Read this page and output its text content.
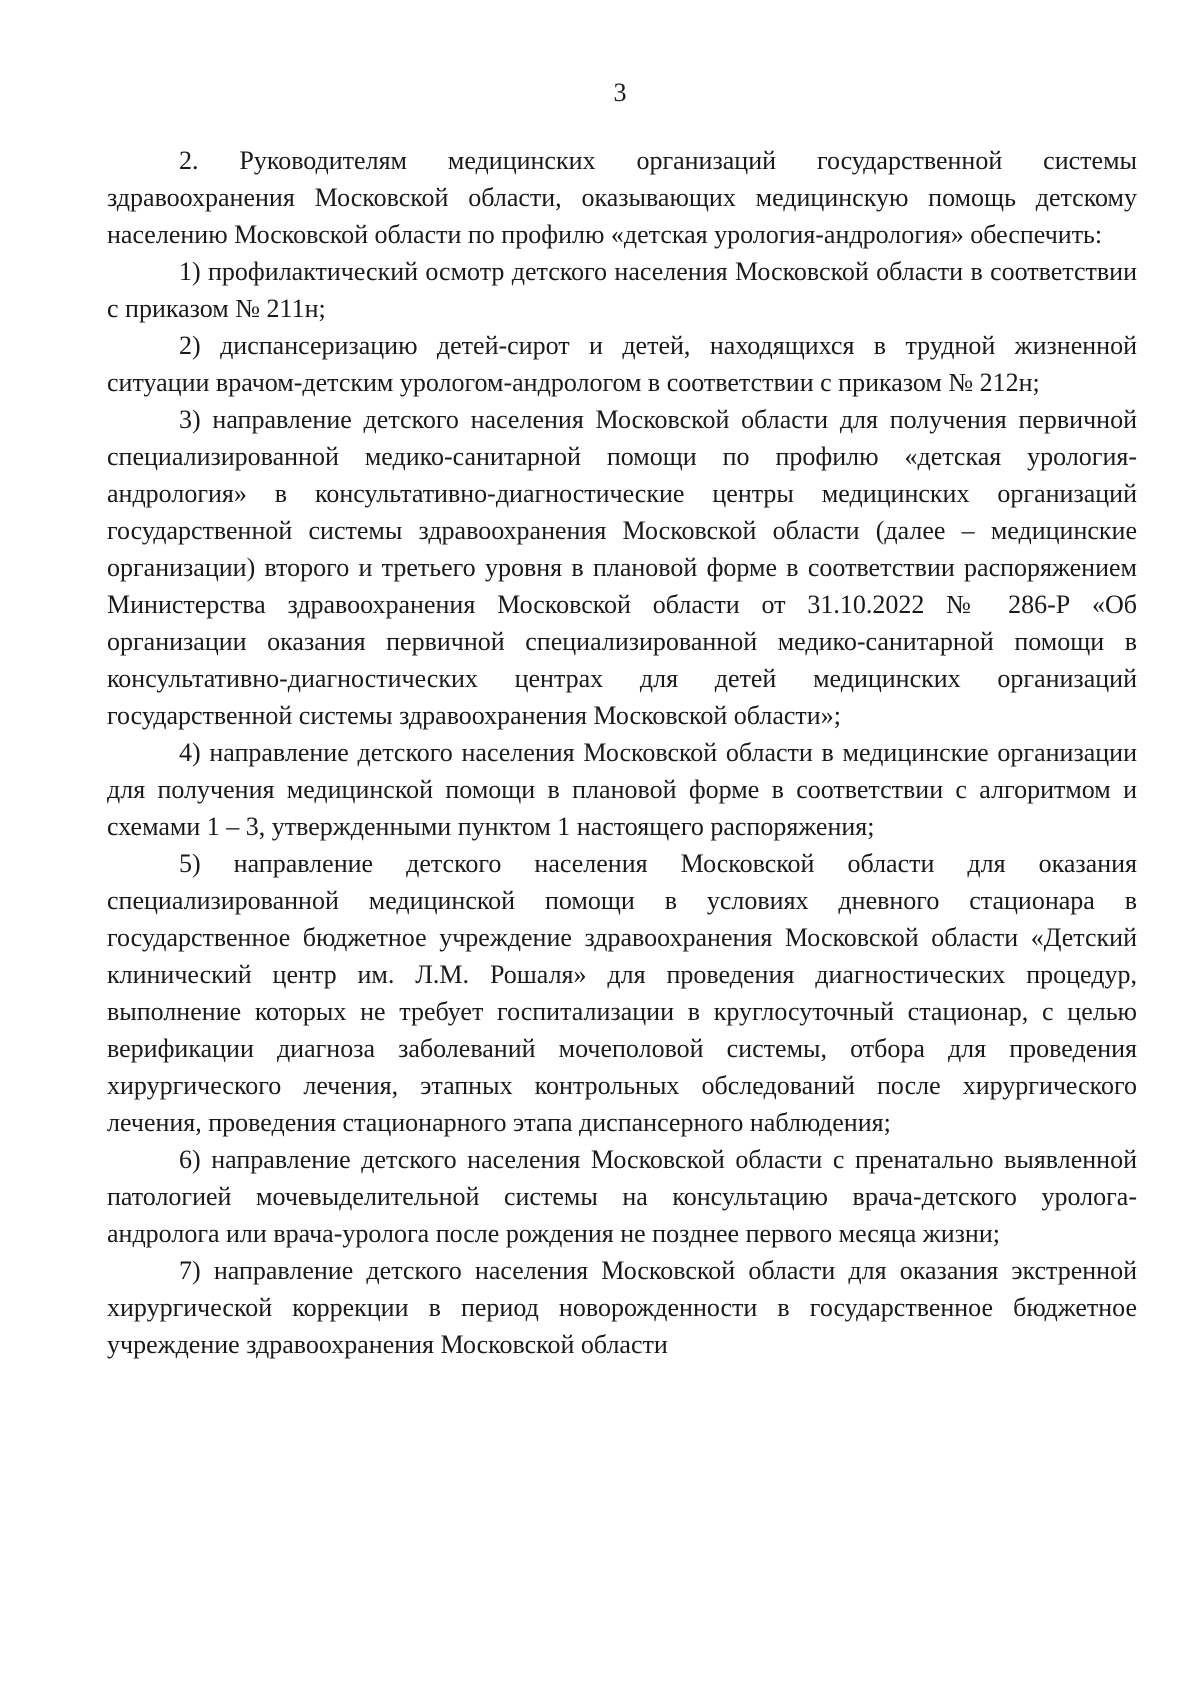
3

2. Руководителям медицинских организаций государственной системы здравоохранения Московской области, оказывающих медицинскую помощь детскому населению Московской области по профилю «детская урология-андрология» обеспечить:

1) профилактический осмотр детского населения Московской области в соответствии с приказом № 211н;

2) диспансеризацию детей-сирот и детей, находящихся в трудной жизненной ситуации врачом-детским урологом-андрологом в соответствии с приказом № 212н;

3) направление детского населения Московской области для получения первичной специализированной медико-санитарной помощи по профилю «детская урология-андрология» в консультативно-диагностические центры медицинских организаций государственной системы здравоохранения Московской области (далее – медицинские организации) второго и третьего уровня в плановой форме в соответствии распоряжением Министерства здравоохранения Московской области от 31.10.2022 № 286-Р «Об организации оказания первичной специализированной медико-санитарной помощи в консультативно-диагностических центрах для детей медицинских организаций государственной системы здравоохранения Московской области»;

4) направление детского населения Московской области в медицинские организации для получения медицинской помощи в плановой форме в соответствии с алгоритмом и схемами 1 – 3, утвержденными пунктом 1 настоящего распоряжения;

5) направление детского населения Московской области для оказания специализированной медицинской помощи в условиях дневного стационара в государственное бюджетное учреждение здравоохранения Московской области «Детский клинический центр им. Л.М. Рошаля» для проведения диагностических процедур, выполнение которых не требует госпитализации в круглосуточный стационар, с целью верификации диагноза заболеваний мочеполовой системы, отбора для проведения хирургического лечения, этапных контрольных обследований после хирургического лечения, проведения стационарного этапа диспансерного наблюдения;

6) направление детского населения Московской области с пренатально выявленной патологией мочевыделительной системы на консультацию врача-детского уролога-андролога или врача-уролога после рождения не позднее первого месяца жизни;

7) направление детского населения Московской области для оказания экстренной хирургической коррекции в период новорожденности в государственное бюджетное учреждение здравоохранения Московской области
